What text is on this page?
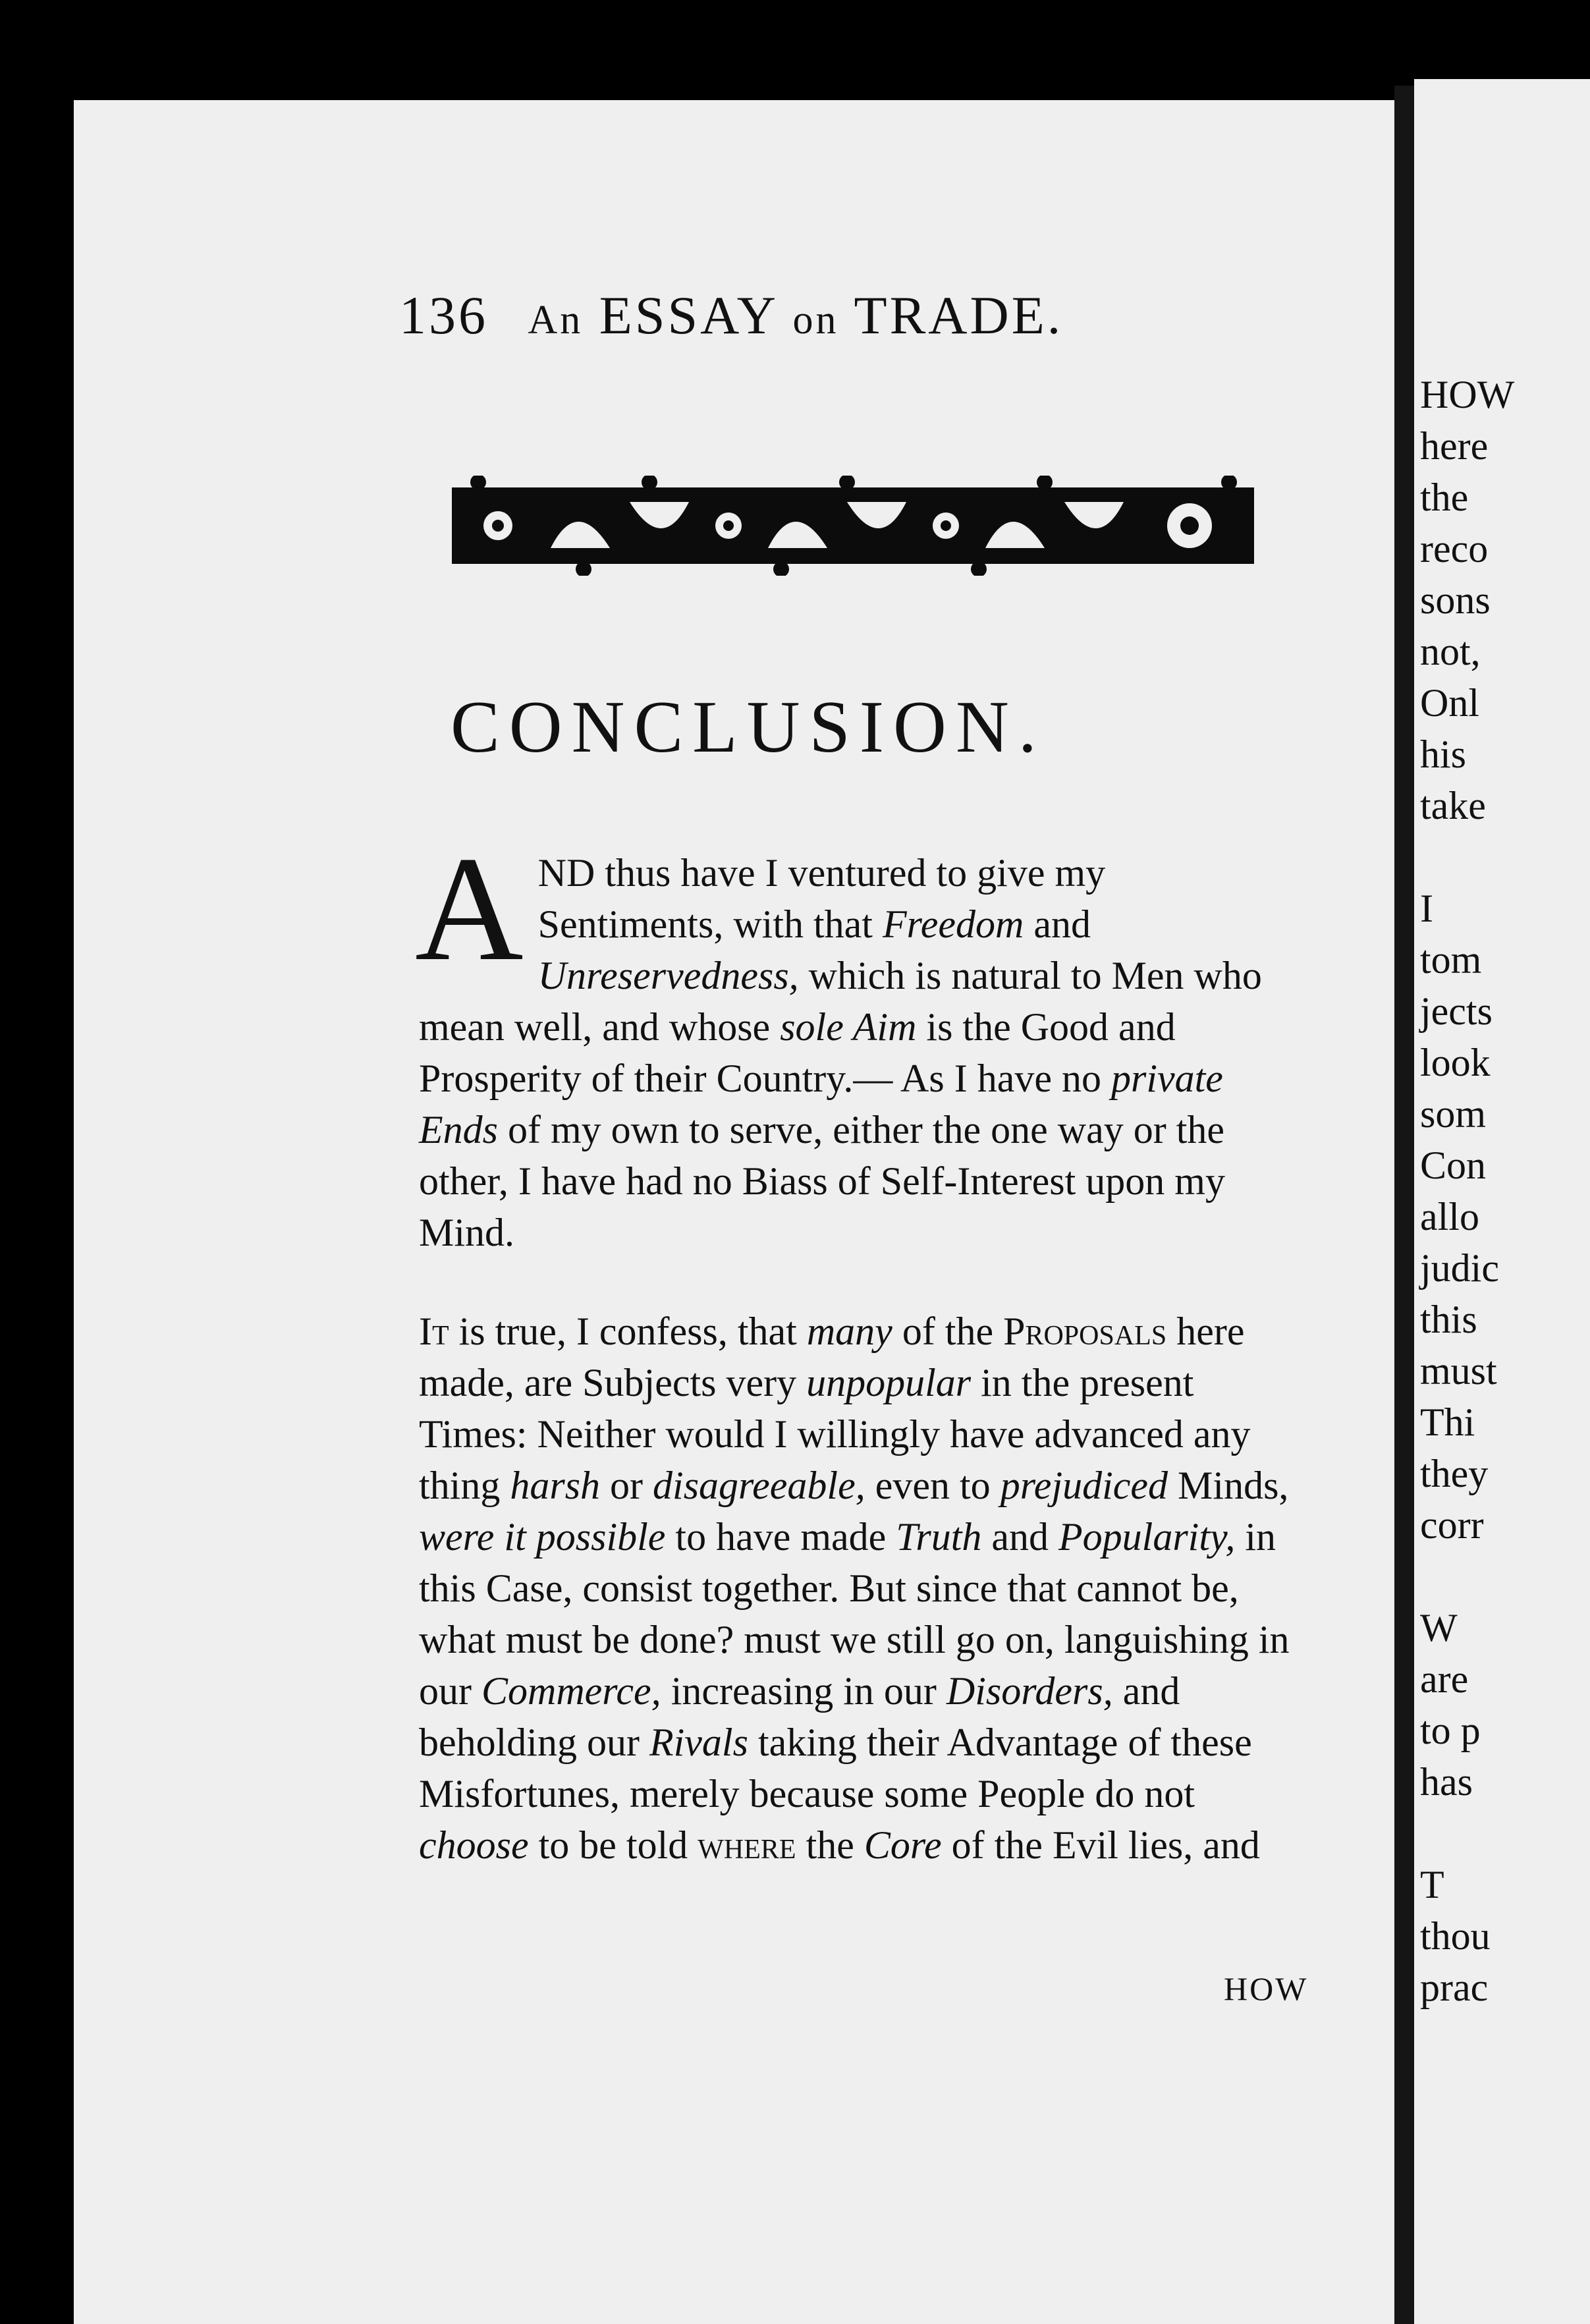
136 An ESSAY on TRADE.
CONCLUSION.

AND thus have I ventured to give my Sentiments, with that Freedom and Unreservedness, which is natural to Men who mean well, and whose sole Aim is the Good and Prosperity of their Country.— As I have no private Ends of my own to serve, either the one way or the other, I have had no Biass of Self-Interest upon my Mind.

It is true, I confess, that many of the Proposals here made, are Subjects very unpopular in the present Times: Neither would I willingly have advanced any thing harsh or disagreeable, even to prejudiced Minds, were it possible to have made Truth and Popularity, in this Case, consist together. But since that cannot be, what must be done? must we still go on, languishing in our Commerce, increasing in our Disorders, and beholding our Rivals taking their Advantage of these Misfortunes, merely because some People do not choose to be told where the Core of the Evil lies, and

HOW
HOW
here
the
reco
sons
not,
Onl
his
take
I
tom
jects
look
som
Con
allo
judic
this
must
Thi
they
corr
W
are
to p
has
T
thou
prac
